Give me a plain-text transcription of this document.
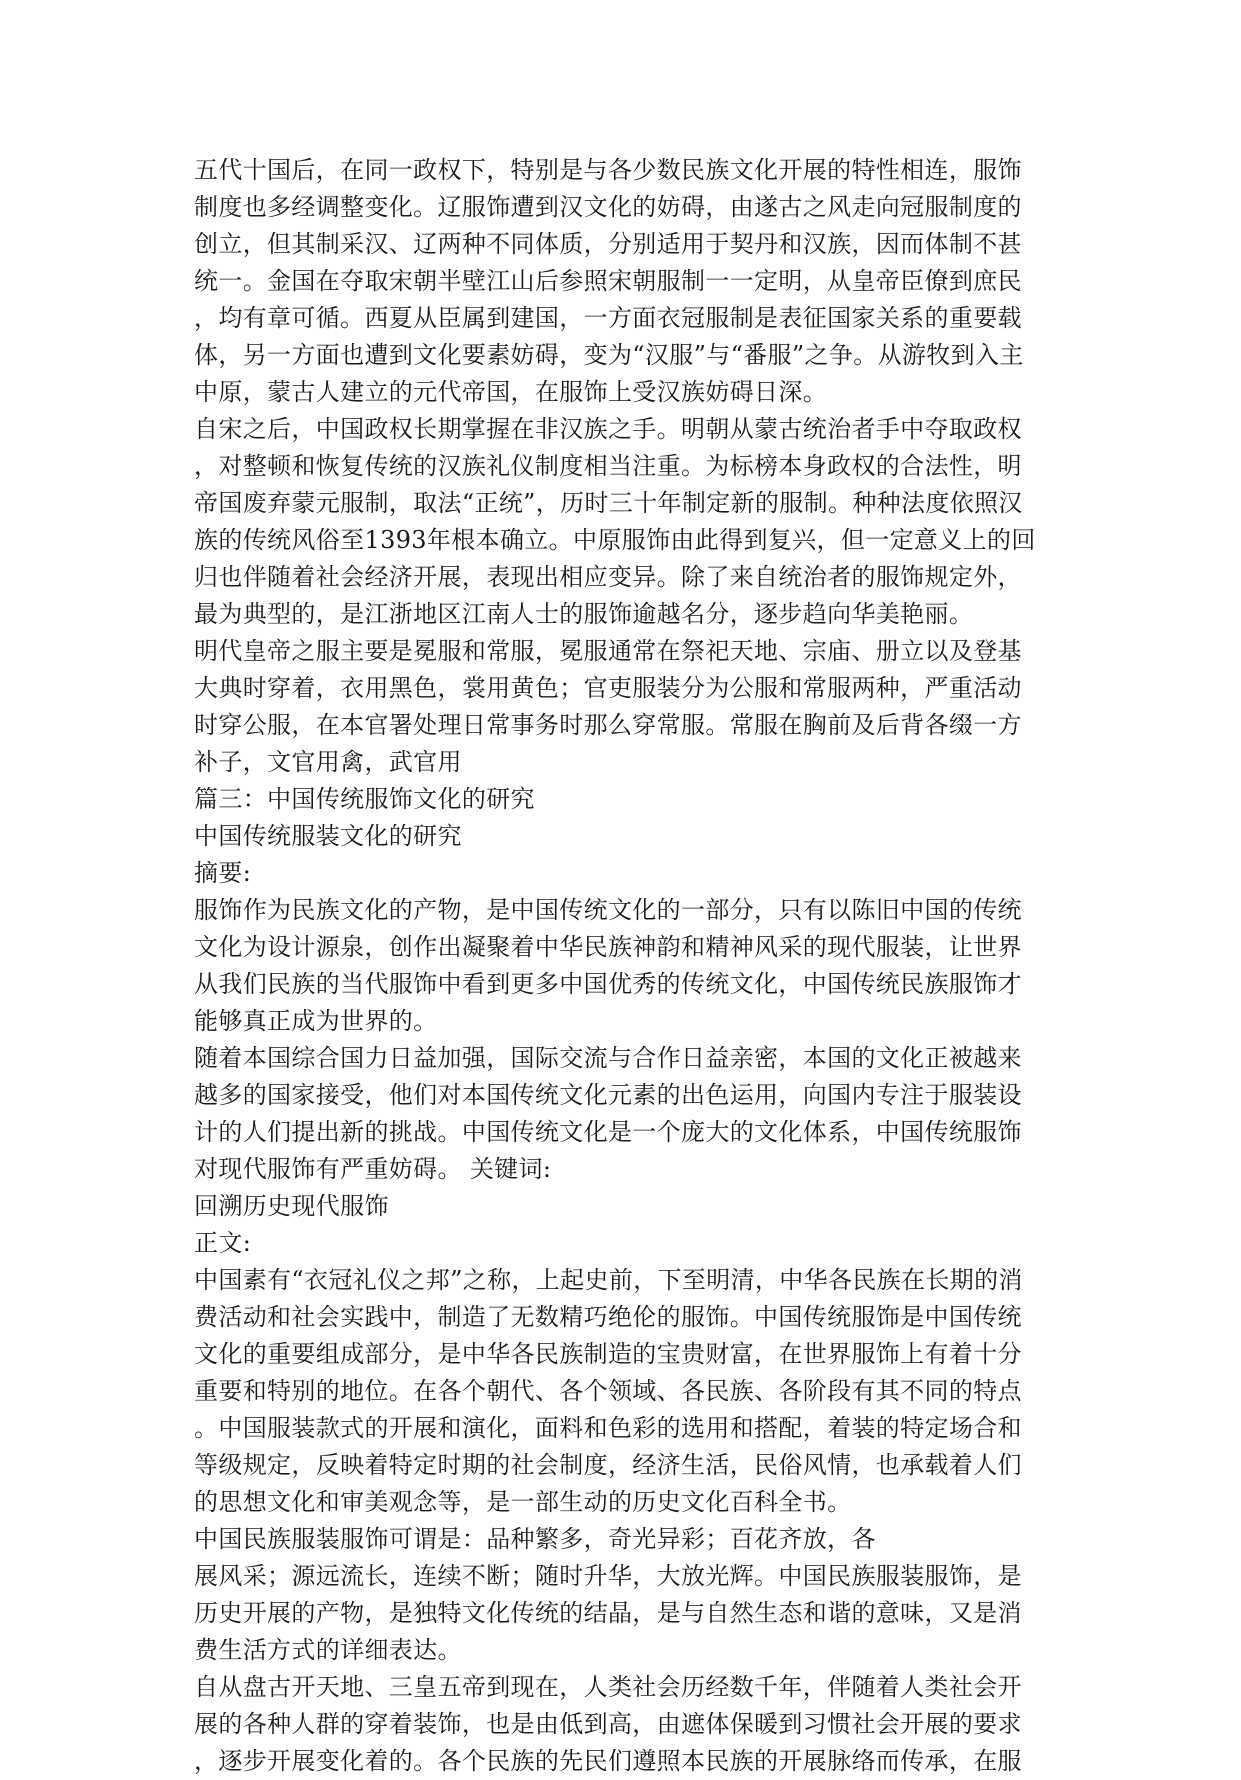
五代十国后，在同一政权下，特别是与各少数民族文化开展的特性相连，服饰
制度也多经调整变化。辽服饰遭到汉文化的妨碍，由遂古之风走向冠服制度的
创立，但其制采汉、辽两种不同体质，分别适用于契丹和汉族，因而体制不甚
统一。金国在夺取宋朝半壁江山后参照宋朝服制一一定明，从皇帝臣僚到庶民
，均有章可循。西夏从臣属到建国，一方面衣冠服制是表征国家关系的重要载
体，另一方面也遭到文化要素妨碍，变为“汉服”与“番服”之争。从游牧到入主
中原，蒙古人建立的元代帝国，在服饰上受汉族妨碍日深。
自宋之后，中国政权长期掌握在非汉族之手。明朝从蒙古统治者手中夺取政权
，对整顿和恢复传统的汉族礼仪制度相当注重。为标榜本身政权的合法性，明
帝国废弃蒙元服制，取法“正统”，历时三十年制定新的服制。种种法度依照汉
族的传统风俗至1393年根本确立。中原服饰由此得到复兴，但一定意义上的回
归也伴随着社会经济开展，表现出相应变异。除了来自统治者的服饰规定外，
最为典型的，是江浙地区江南人士的服饰逾越名分，逐步趋向华美艳丽。
明代皇帝之服主要是冕服和常服，冕服通常在祭祀天地、宗庙、册立以及登基
大典时穿着，衣用黑色，裳用黄色；官吏服装分为公服和常服两种，严重活动
时穿公服，在本官署处理日常事务时那么穿常服。常服在胸前及后背各缀一方
补子，文官用禽，武官用
篇三：中国传统服饰文化的研究
中国传统服装文化的研究
摘要:
服饰作为民族文化的产物，是中国传统文化的一部分，只有以陈旧中国的传统
文化为设计源泉，创作出凝聚着中华民族神韵和精神风采的现代服装，让世界
从我们民族的当代服饰中看到更多中国优秀的传统文化，中国传统民族服饰才
能够真正成为世界的。
随着本国综合国力日益加强，国际交流与合作日益亲密，本国的文化正被越来
越多的国家接受，他们对本国传统文化元素的出色运用，向国内专注于服装设
计的人们提出新的挑战。中国传统文化是一个庞大的文化体系，中国传统服饰
对现代服饰有严重妨碍。 关键词:
回溯历史现代服饰
正文:
中国素有“衣冠礼仪之邦”之称，上起史前，下至明清，中华各民族在长期的消
费活动和社会实践中，制造了无数精巧绝伦的服饰。中国传统服饰是中国传统
文化的重要组成部分，是中华各民族制造的宝贵财富，在世界服饰上有着十分
重要和特别的地位。在各个朝代、各个领域、各民族、各阶段有其不同的特点
。中国服装款式的开展和演化，面料和色彩的选用和搭配，着装的特定场合和
等级规定，反映着特定时期的社会制度，经济生活，民俗风情，也承载着人们
的思想文化和审美观念等，是一部生动的历史文化百科全书。
中国民族服装服饰可谓是：品种繁多，奇光异彩；百花齐放，各
展风采；源远流长，连续不断；随时升华，大放光辉。中国民族服装服饰，是
历史开展的产物，是独特文化传统的结晶，是与自然生态和谐的意味，又是消
费生活方式的详细表达。
自从盘古开天地、三皇五帝到现在，人类社会历经数千年，伴随着人类社会开
展的各种人群的穿着装饰，也是由低到高，由遮体保暖到习惯社会开展的要求
，逐步开展变化着的。各个民族的先民们遵照本民族的开展脉络而传承，在服
